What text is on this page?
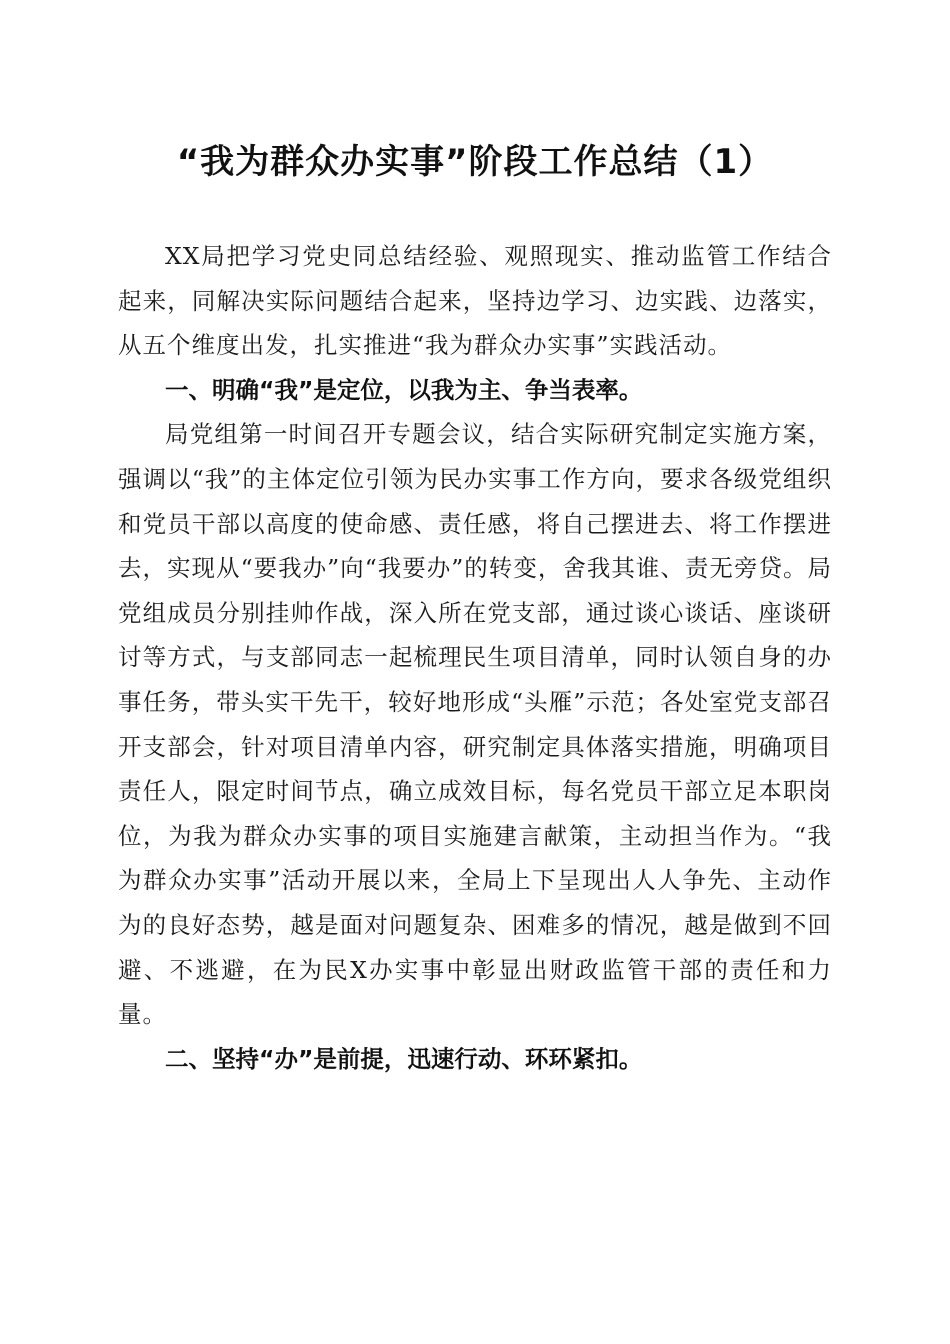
“我为群众办实事”阶段工作总结（1）

XX局把学习党史同总结经验、观照现实、推动监管工作结合起来，同解决实际问题结合起来，坚持边学习、边实践、边落实，从五个维度出发，扎实推进“我为群众办实事”实践活动。

一、明确“我”是定位，以我为主、争当表率。

局党组第一时间召开专题会议，结合实际研究制定实施方案，强调以“我”的主体定位引领为民办实事工作方向，要求各级党组织和党员干部以高度的使命感、责任感，将自己摆进去、将工作摆进去，实现从“要我办”向“我要办”的转变，舍我其谁、责无旁贷。局党组成员分别挂帅作战，深入所在党支部，通过谈心谈话、座谈研讨等方式，与支部同志一起梳理民生项目清单，同时认领自身的办事任务，带头实干先干，较好地形成“头雁”示范；各处室党支部召开支部会，针对项目清单内容，研究制定具体落实措施，明确项目责任人，限定时间节点，确立成效目标，每名党员干部立足本职岗位，为我为群众办实事的项目实施建言献策，主动担当作为。“我为群众办实事”活动开展以来，全局上下呈现出人人争先、主动作为的良好态势，越是面对问题复杂、困难多的情况，越是做到不回避、不逃避，在为民X办实事中彰显出财政监管干部的责任和力量。

二、坚持“办”是前提，迅速行动、环环紧扣。
